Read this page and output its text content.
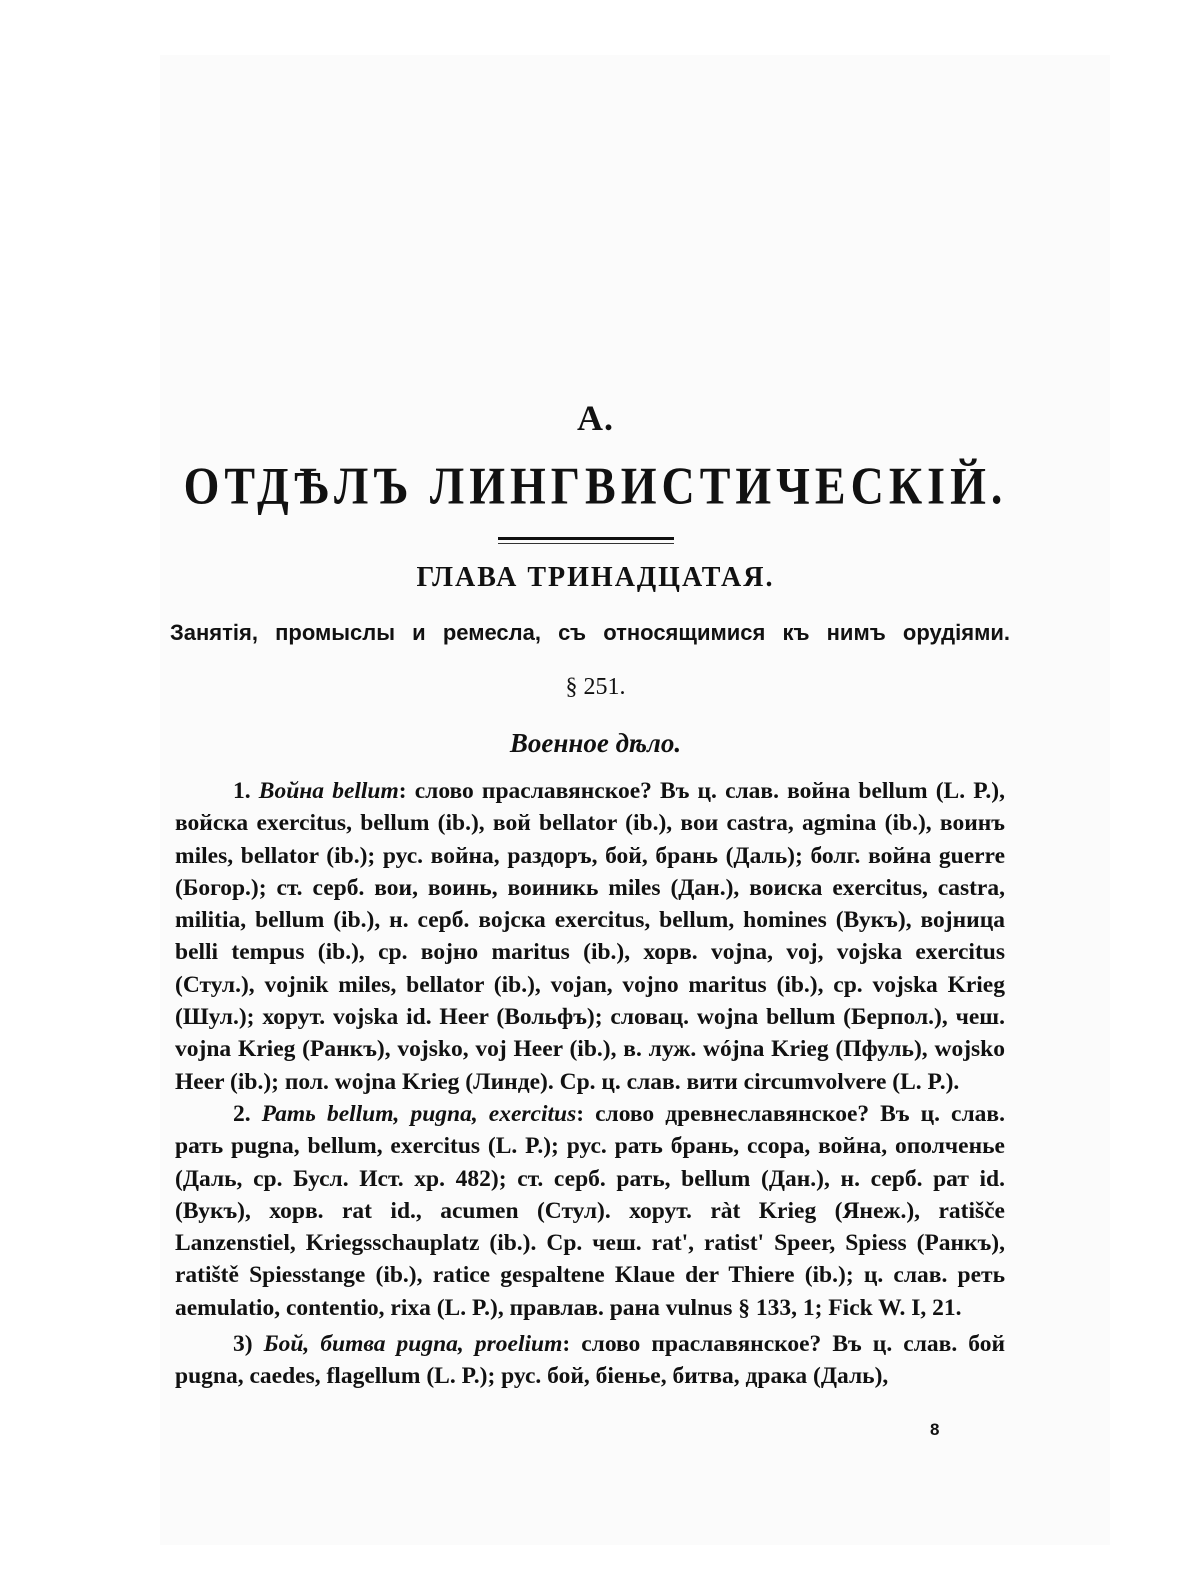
А.
ОТДѢЛЪ ЛИНГВИСТИЧЕСКІЙ.
ГЛАВА ТРИНАДЦАТАЯ.
Занятія, промыслы и ремесла, съ относящимися къ нимъ орудіями.
§ 251.
Военное дѣло.

1. Война bellum: слово праславянское? Въ ц. слав. война bellum (L. P.), войска exercitus, bellum (ib.), вой bellator (ib.), вои castra, agmina (ib.), воинъ miles, bellator (ib.); рус. война, раздоръ, бой, брань (Даль); болг. война guerre (Богор.); ст. серб. вои, воинь, воиникь miles (Дан.), воиска exercitus, castra, militia, bellum (ib.), н. серб. војска exercitus, bellum, homines (Вукъ), војница belli tempus (ib.), ср. војно maritus (ib.), хорв. vojna, voj, vojska exercitus (Стул.), vojnik miles, bellator (ib.), vojan, vojno maritus (ib.), ср. vojska Krieg (Шул.); хорут. vojska id. Heer (Вольфъ); словац. wojna bellum (Берпол.), чеш. vojna Krieg (Ранкъ), vojsko, voj Heer (ib.), в. луж. wójna Krieg (Пфуль), wojsko Heer (ib.); пол. wojna Krieg (Линде). Ср. ц. слав. вити circumvolvere (L. P.).

2. Рать bellum, pugna, exercitus: слово древнеславянское? Въ ц. слав. рать pugna, bellum, exercitus (L. P.); рус. рать брань, ссора, война, ополченье (Даль, ср. Бусл. Ист. хр. 482); ст. серб. рать, bellum (Дан.), н. серб. рат id. (Вукъ), хорв. rat id., acumen (Стул). хорут. ràt Krieg (Янеж.), ratišče Lanzenstiel, Kriegsschauplatz (ib.). Ср. чеш. rat', ratist' Speer, Spiess (Ранкъ), ratiště Spiesstange (ib.), ratice gespaltene Klaue der Thiere (ib.); ц. слав. реть aemulatio, contentio, rixa (L. P.), правлав. рана vulnus § 133, 1; Fick W. I, 21.

3) Бой, битва pugna, proelium: слово праславянское? Въ ц. слав. бой pugna, caedes, flagellum (L. P.); рус. бой, біенье, битва, драка (Даль),

8
